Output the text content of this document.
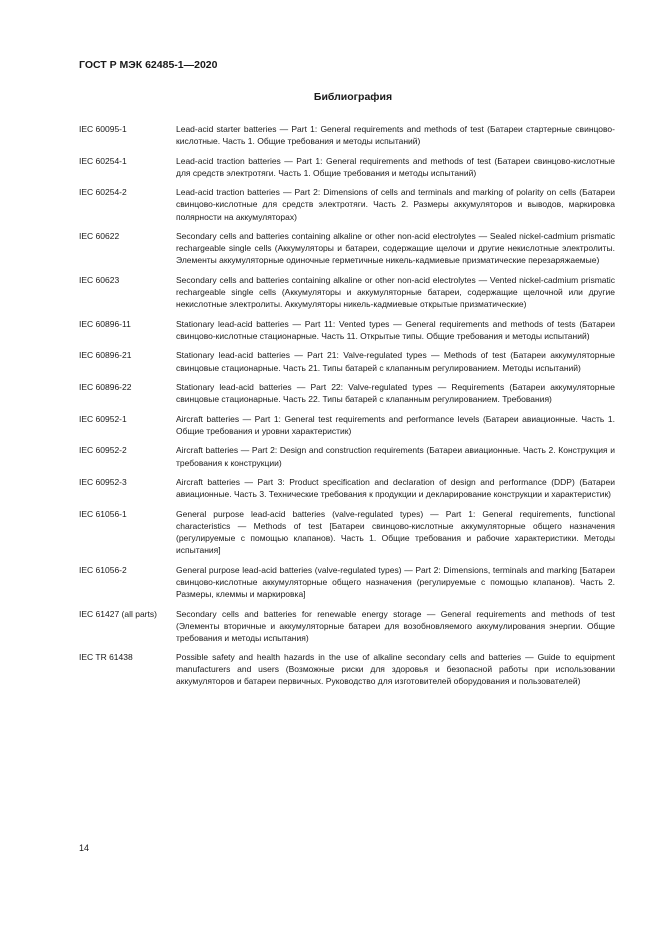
ГОСТ Р МЭК 62485-1—2020
Библиография
IEC 60095-1	Lead-acid starter batteries — Part 1: General requirements and methods of test (Батареи стартерные свинцово-кислотные. Часть 1. Общие требования и методы испытаний)
IEC 60254-1	Lead-acid traction batteries — Part 1: General requirements and methods of test (Батареи свинцово-кислотные для средств электротяги. Часть 1. Общие требования и методы испытаний)
IEC 60254-2	Lead-acid traction batteries — Part 2: Dimensions of cells and terminals and marking of polarity on cells (Батареи свинцово-кислотные для средств электротяги. Часть 2. Размеры аккумуляторов и выводов, маркировка полярности на аккумуляторах)
IEC 60622	Secondary cells and batteries containing alkaline or other non-acid electrolytes — Sealed nickel-cadmium prismatic rechargeable single cells (Аккумуляторы и батареи, содержащие щелочи и другие некислотные электролиты. Элементы аккумуляторные одиночные герметичные никель-кадмиевые призматические перезаряжаемые)
IEC 60623	Secondary cells and batteries containing alkaline or other non-acid electrolytes — Vented nickel-cadmium prismatic rechargeable single cells (Аккумуляторы и аккумуляторные батареи, содержащие щелочной или другие некислотные электролиты. Аккумуляторы никель-кадмиевые открытые призматические)
IEC 60896-11	Stationary lead-acid batteries — Part 11: Vented types — General requirements and methods of tests (Батареи свинцово-кислотные стационарные. Часть 11. Открытые типы. Общие требования и методы испытаний)
IEC 60896-21	Stationary lead-acid batteries — Part 21: Valve-regulated types — Methods of test (Батареи аккумуляторные свинцовые стационарные. Часть 21. Типы батарей с клапанным регулированием. Методы испытаний)
IEC 60896-22	Stationary lead-acid batteries — Part 22: Valve-regulated types — Requirements (Батареи аккумуляторные свинцовые стационарные. Часть 22. Типы батарей с клапанным регулированием. Требования)
IEC 60952-1	Aircraft batteries — Part 1: General test requirements and performance levels (Батареи авиационные. Часть 1. Общие требования и уровни характеристик)
IEC 60952-2	Aircraft batteries — Part 2: Design and construction requirements (Батареи авиационные. Часть 2. Конструкция и требования к конструкции)
IEC 60952-3	Aircraft batteries — Part 3: Product specification and declaration of design and performance (DDP) (Батареи авиационные. Часть 3. Технические требования к продукции и декларирование конструкции и характеристик)
IEC 61056-1	General purpose lead-acid batteries (valve-regulated types) — Part 1: General requirements, functional characteristics — Methods of test [Батареи свинцово-кислотные аккумуляторные общего назначения (регулируемые с помощью клапанов). Часть 1. Общие требования и рабочие характеристики. Методы испытания]
IEC 61056-2	General purpose lead-acid batteries (valve-regulated types) — Part 2: Dimensions, terminals and marking [Батареи свинцово-кислотные аккумуляторные общего назначения (регулируемые с помощью клапанов). Часть 2. Размеры, клеммы и маркировка]
IEC 61427 (all parts)	Secondary cells and batteries for renewable energy storage — General requirements and methods of test (Элементы вторичные и аккумуляторные батареи для возобновляемого аккумулирования энергии. Общие требования и методы испытания)
IEC TR 61438	Possible safety and health hazards in the use of alkaline secondary cells and batteries — Guide to equipment manufacturers and users (Возможные риски для здоровья и безопасной работы при использовании аккумуляторов и батареи первичных. Руководство для изготовителей оборудования и пользователей)
14
